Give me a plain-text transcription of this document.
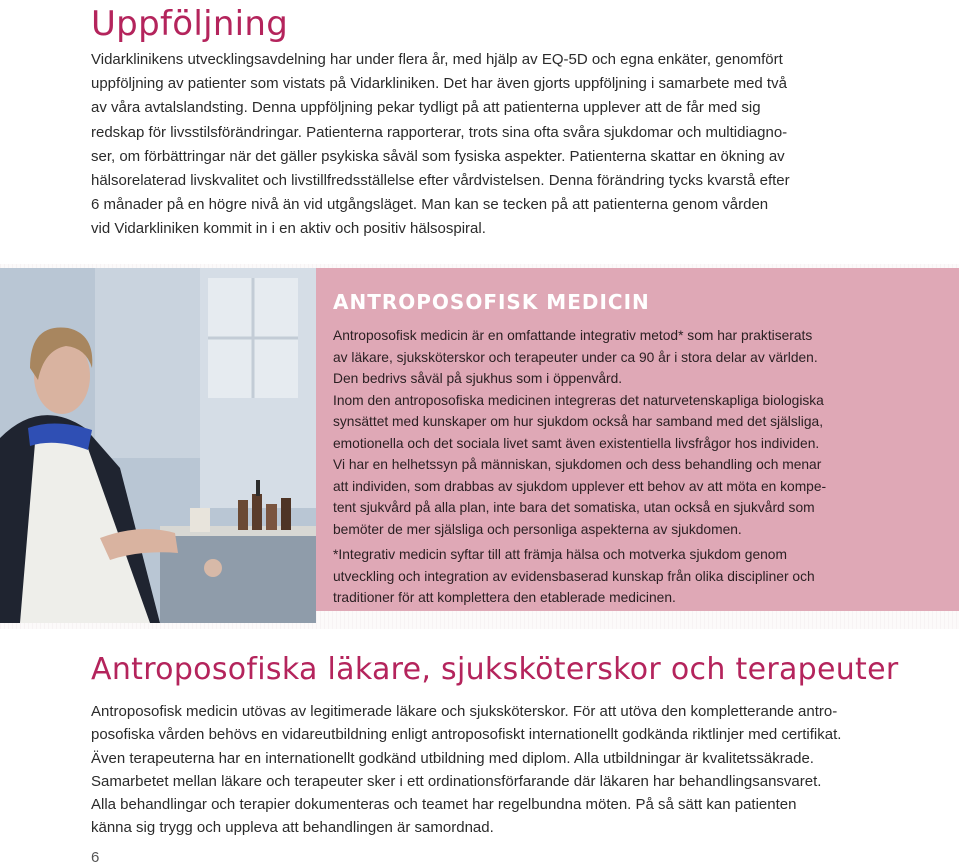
Uppföljning
Vidarklinikens utvecklingsavdelning har under flera år, med hjälp av EQ-5D och egna enkäter, genomfört
uppföljning av patienter som vistats på Vidarkliniken. Det har även gjorts uppföljning i samarbete med två
av våra avtalslandsting. Denna uppföljning pekar tydligt på att patienterna upplever att de får med sig
redskap för livsstilsförändringar. Patienterna rapporterar, trots sina ofta svåra sjukdomar och multidiagno-
ser, om förbättringar när det gäller psykiska såväl som fysiska aspekter. Patienterna skattar en ökning av
hälsorelaterad livskvalitet och livstillfredsställelse efter vårdvistelsen. Denna förändring tycks kvarstå efter
6 månader på en högre nivå än vid utgångsläget. Man kan se tecken på att patienterna genom vården
vid Vidarkliniken kommit in i en aktiv och positiv hälsospiral.
ANTROPOSOFISK MEDICIN
Antroposofisk medicin är en omfattande integrativ metod* som har praktiserats
av läkare, sjuksköterskor och terapeuter under ca 90 år i stora delar av världen.
Den bedrivs såväl på sjukhus som i öppenvård.
Inom den antroposofiska medicinen integreras det naturvetenskapliga biologiska
synsättet med kunskaper om hur sjukdom också har samband med det själsliga,
emotionella och det sociala livet samt även existentiella livsfrågor hos individen.
Vi har en helhetssyn på människan, sjukdomen och dess behandling och menar
att individen, som drabbas av sjukdom upplever ett behov av att möta en kompe-
tent sjukvård på alla plan, inte bara det somatiska, utan också en sjukvård som
bemöter de mer själsliga och personliga aspekterna av sjukdomen.
*Integrativ medicin syftar till att främja hälsa och motverka sjukdom genom
utveckling och integration av evidensbaserad kunskap från olika discipliner och
traditioner för att komplettera den etablerade medicinen.
Antroposofiska läkare, sjuksköterskor och terapeuter
Antroposofisk medicin utövas av legitimerade läkare och sjuksköterskor. För att utöva den kompletterande antro-
posofiska vården behövs en vidareutbildning enligt antroposofiskt internationellt godkända riktlinjer med certifikat.
Även terapeuterna har en internationellt godkänd utbildning med diplom. Alla utbildningar är kvalitetssäkrade.
Samarbetet mellan läkare och terapeuter sker i ett ordinationsförfarande där läkaren har behandlingsansvaret.
Alla behandlingar och terapier dokumenteras och teamet har regelbundna möten. På så sätt kan patienten
känna sig trygg och uppleva att behandlingen är samordnad.
6
